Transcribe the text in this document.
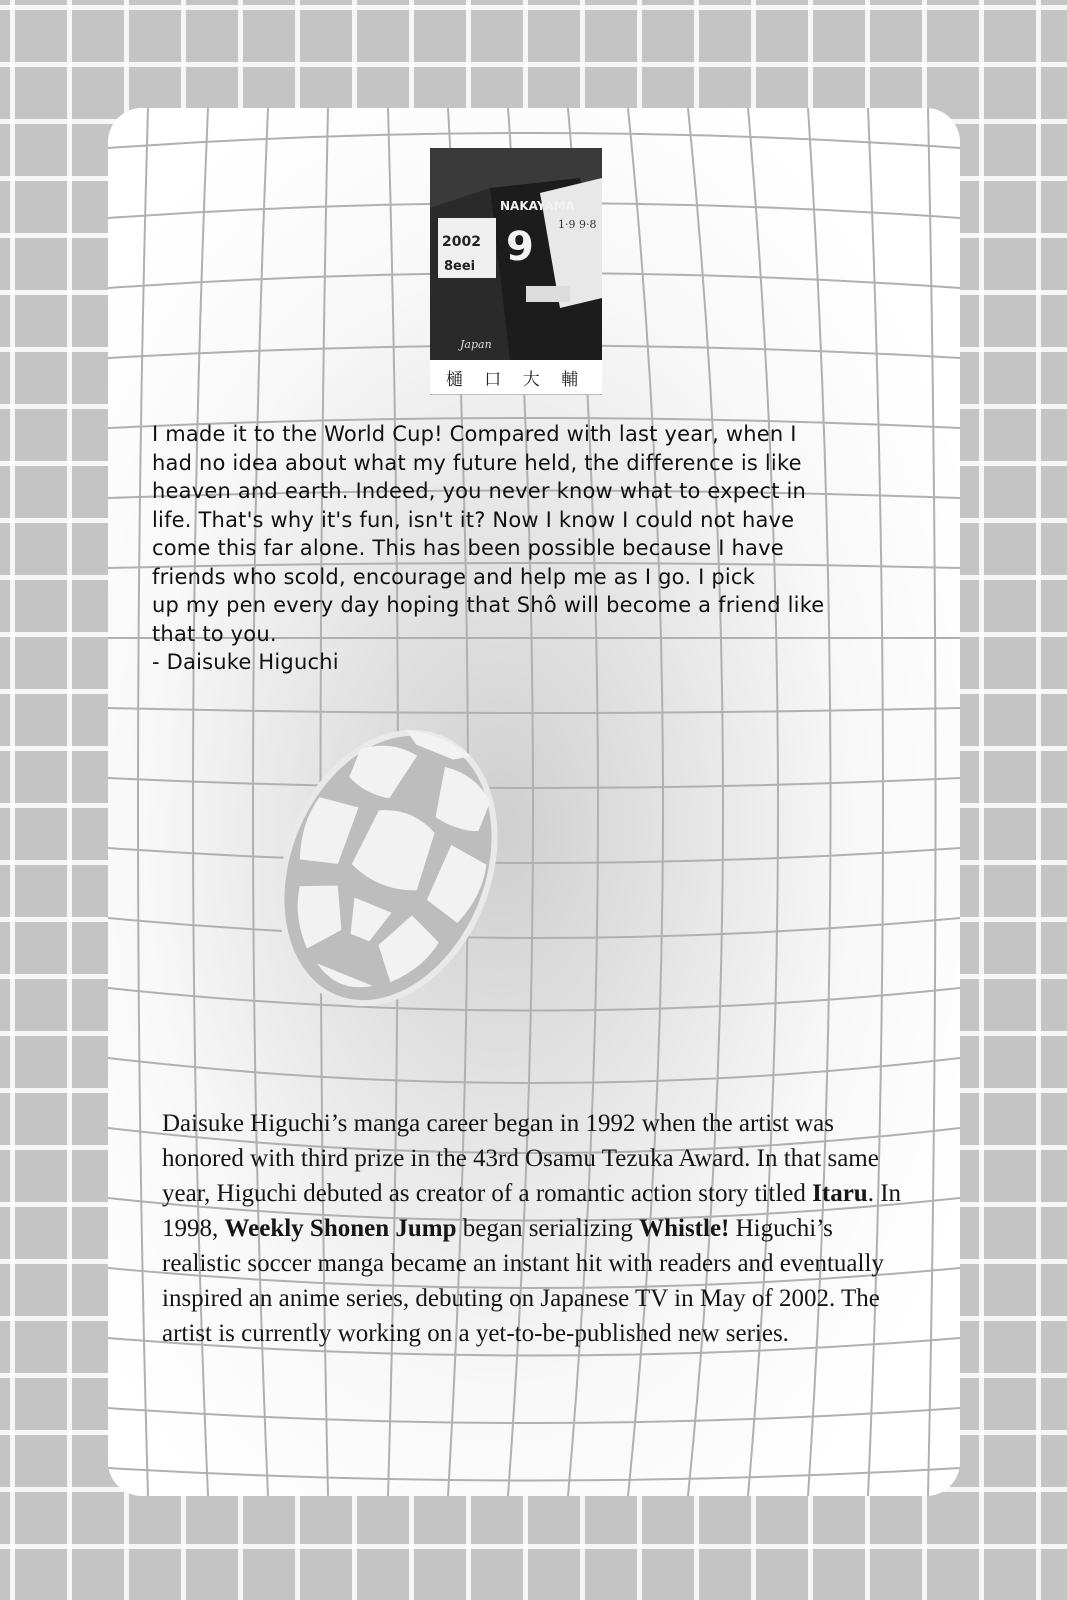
2002
8eei
NAKAYAMA
9 1·9 9·8
Japan
樋 口 大 輔

I made it to the World Cup! Compared with last year, when I

had no idea about what my future held, the difference is like

heaven and earth. Indeed, you never know what to expect in

life. That's why it's fun, isn't it? Now I know I could not have

come this far alone. This has been possible because I have

friends who scold, encourage and help me as I go. I pick

up my pen every day hoping that Shô will become a friend like

that to you.

- Daisuke Higuchi

Daisuke Higuchi’s manga career began in 1992 when the artist was honored with third prize in the 43rd Osamu Tezuka Award. In that same year, Higuchi debuted as creator of a romantic action story titled Itaru. In 1998, Weekly Shonen Jump began serializing Whistle! Higuchi’s realistic soccer manga became an instant hit with readers and eventually inspired an anime series, debuting on Japanese TV in May of 2002. The artist is currently working on a yet-to-be-published new series.
